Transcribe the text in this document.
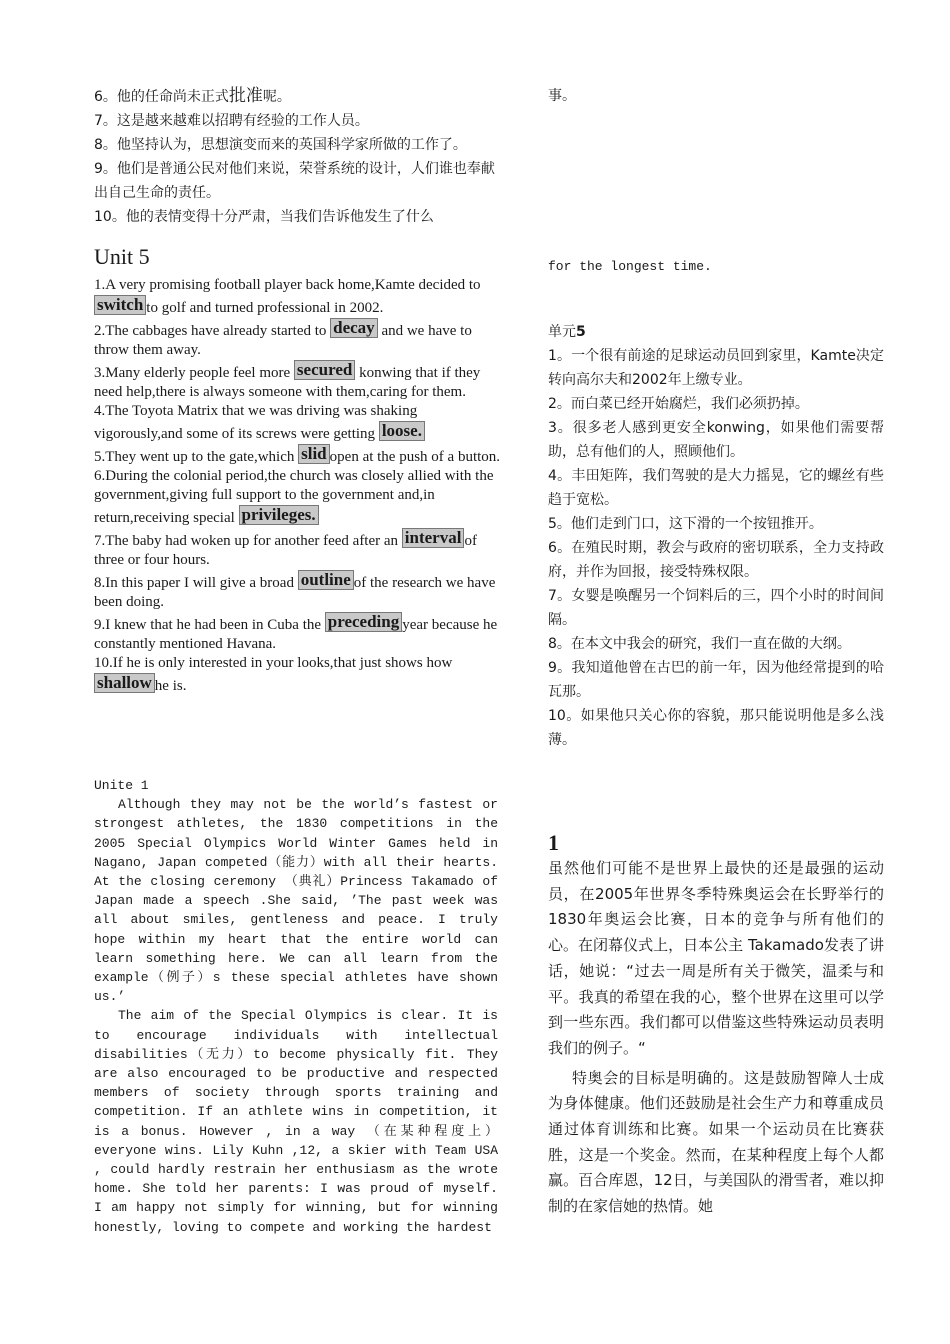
6。他的任命尚未正式批准呢。

7。这是越来越难以招聘有经验的工作人员。

8。他坚持认为，思想演变而来的英国科学家所做的工作了。

9。他们是普通公民对他们来说，荣誉系统的设计，人们谁也奉献出自己生命的责任。

10。他的表情变得十分严肃，当我们告诉他发生了什么

事。
for the longest time.
Unit 5

1.A very promising football player back home,Kamte decided to switch to golf and turned professional in 2002.

2.The cabbages have already started to decay and we have to throw them away.

3.Many elderly people feel more secured konwing that if they need help,there is always someone with them,caring for them.

4.The Toyota Matrix that we was driving was shaking vigorously,and some of its screws were getting loose.

5.They went up to the gate,which slid open at the push of a button.

6.During the colonial period,the church was closely allied with the government,giving full support to the government and,in return,receiving special privileges.

7.The baby had woken up for another feed after an interval of three or four hours.

8.In this paper I will give a broad outline of the research we have been doing.

9.I knew that he had been in Cuba the preceding year because he constantly mentioned Havana.

10.If he is only interested in your looks,that just shows how shallow he is.

单元5

1。一个很有前途的足球运动员回到家里，Kamte决定转向高尔夫和2002年上缴专业。

2。而白菜已经开始腐烂，我们必须扔掉。

3。很多老人感到更安全konwing，如果他们需要帮助，总有他们的人，照顾他们。

4。丰田矩阵，我们驾驶的是大力摇晃，它的螺丝有些趋于宽松。

5。他们走到门口，这下滑的一个按钮推开。

6。在殖民时期，教会与政府的密切联系，全力支持政府，并作为回报，接受特殊权限。

7。女婴是唤醒另一个饲料后的三，四个小时的时间间隔。

8。在本文中我会的研究，我们一直在做的大纲。

9。我知道他曾在古巴的前一年，因为他经常提到的哈瓦那。

10。如果他只关心你的容貌，那只能说明他是多么浅薄。

Unite 1

Although they may not be the world’s fastest or strongest athletes, the 1830 competitions in the 2005 Special Olympics World Winter Games held in Nagano, Japan competed（能力）with all their hearts. At the closing ceremony （典礼）Princess Takamado of Japan made a speech .She said, ’The past week was all about smiles, gentleness and peace. I truly hope within my heart that the entire world can learn something here. We can all learn from the example（例子）s these special athletes have shown us.’

The aim of the Special Olympics is clear. It is to encourage individuals with intellectual disabilities（无力）to become physically fit. They are also encouraged to be productive and respected members of society through sports training and competition. If an athlete wins in competition, it is a bonus. However , in a way （在某种程度上）everyone wins. Lily Kuhn ,12, a skier with Team USA , could hardly restrain her enthusiasm as the wrote home. She told her parents: I was proud of myself. I am happy not simply for winning, but for winning honestly, loving to compete and working the hardest

1

虽然他们可能不是世界上最快的还是最强的运动员，在2005年世界冬季特殊奥运会在长野举行的1830年奥运会比赛，日本的竞争与所有他们的心。在闭幕仪式上，日本公主 Takamado发表了讲话，她说：“过去一周是所有关于微笑，温柔与和平。我真的希望在我的心，整个世界在这里可以学到一些东西。我们都可以借鉴这些特殊运动员表明我们的例子。“

特奥会的目标是明确的。这是鼓励智障人士成为身体健康。他们还鼓励是社会生产力和尊重成员通过体育训练和比赛。如果一个运动员在比赛获胜，这是一个奖金。然而，在某种程度上每个人都赢。百合库恩，12日，与美国队的滑雪者，难以抑制的在家信她的热情。她
